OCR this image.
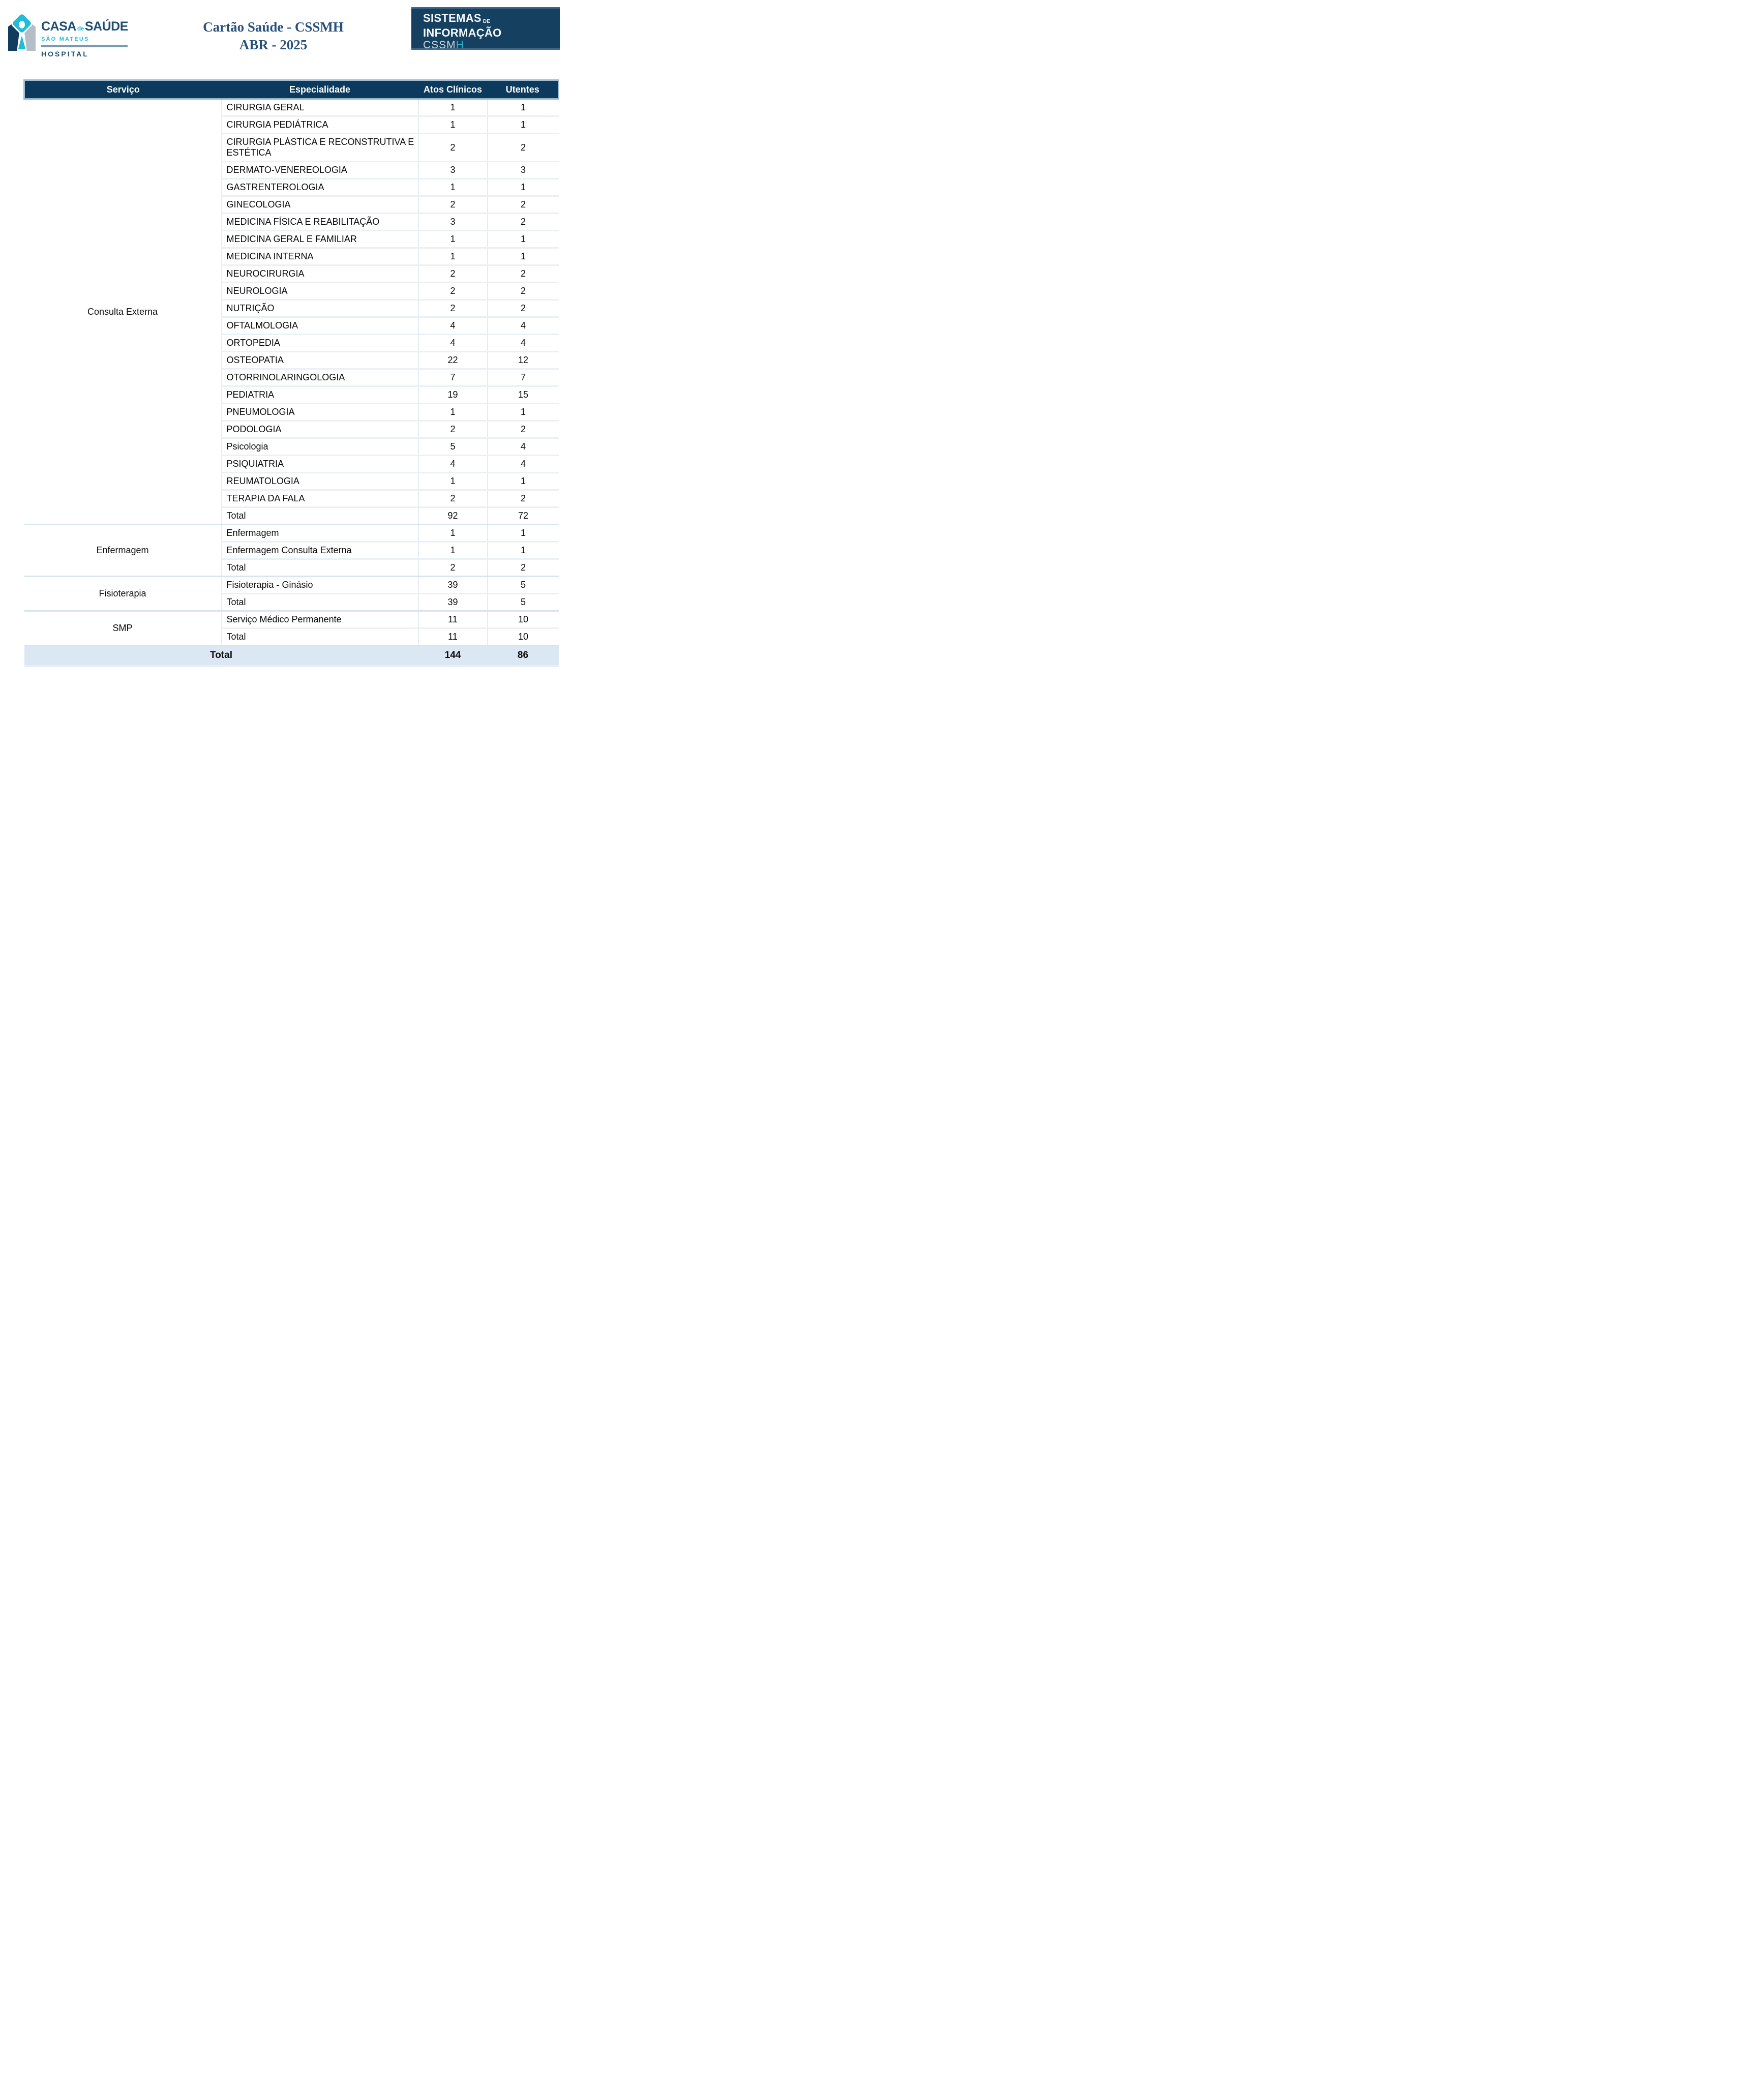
CASA deSAÚDE
SÃO MATEUS
HOSPITAL
Cartão Saúde - CSSMH
ABR - 2025
SISTEMAS DE
INFORMAÇÃO
CSSMH
Serviço	Especialidade	Atos Clínicos	Utentes
Consulta Externa	CIRURGIA GERAL	1	1
	CIRURGIA PEDIÁTRICA	1	1
	CIRURGIA PLÁSTICA E RECONSTRUTIVA E ESTÉTICA	2	2
	DERMATO-VENEREOLOGIA	3	3
	GASTRENTEROLOGIA	1	1
	GINECOLOGIA	2	2
	MEDICINA FÍSICA E REABILITAÇÃO	3	2
	MEDICINA GERAL E FAMILIAR	1	1
	MEDICINA INTERNA	1	1
	NEUROCIRURGIA	2	2
	NEUROLOGIA	2	2
	NUTRIÇÃO	2	2
	OFTALMOLOGIA	4	4
	ORTOPEDIA	4	4
	OSTEOPATIA	22	12
	OTORRINOLARINGOLOGIA	7	7
	PEDIATRIA	19	15
	PNEUMOLOGIA	1	1
	PODOLOGIA	2	2
	Psicologia	5	4
	PSIQUIATRIA	4	4
	REUMATOLOGIA	1	1
	TERAPIA DA FALA	2	2
	Total	92	72
Enfermagem	Enfermagem	1	1
	Enfermagem Consulta Externa	1	1
	Total	2	2
Fisioterapia	Fisioterapia - Ginásio	39	5
	Total	39	5
SMP	Serviço Médico Permanente	11	10
	Total	11	10
Total		144	86
